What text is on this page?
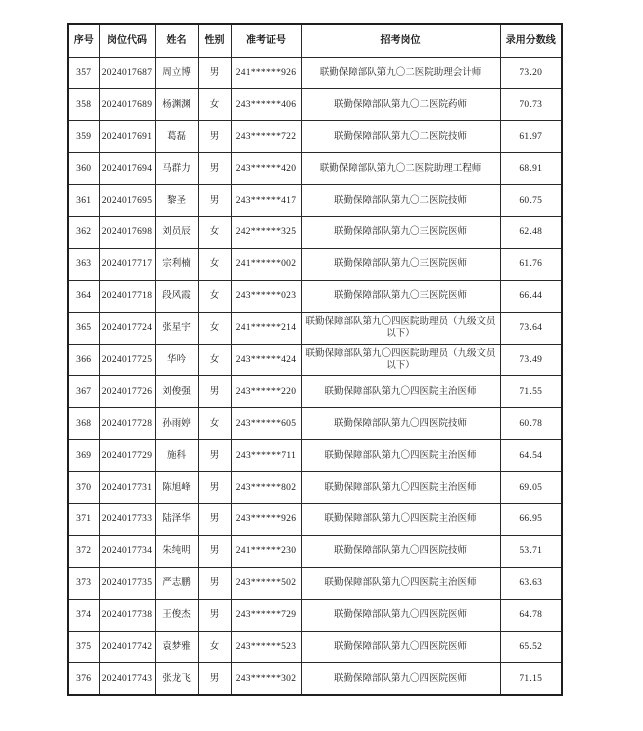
序号	岗位代码	姓名	性别	准考证号	招考岗位	录用分数线
357	2024017687	周立博	男	241******926	联勤保障部队第九〇二医院助理会计师	73.20
358	2024017689	杨渊渊	女	243******406	联勤保障部队第九〇二医院药师	70.73
359	2024017691	葛磊	男	243******722	联勤保障部队第九〇二医院技师	61.97
360	2024017694	马群力	男	243******420	联勤保障部队第九〇二医院助理工程师	68.91
361	2024017695	黎圣	男	243******417	联勤保障部队第九〇二医院技师	60.75
362	2024017698	刘员辰	女	242******325	联勤保障部队第九〇三医院医师	62.48
363	2024017717	宗利楠	女	241******002	联勤保障部队第九〇三医院医师	61.76
364	2024017718	段风霞	女	243******023	联勤保障部队第九〇三医院医师	66.44
365	2024017724	张星宇	女	241******214	联勤保障部队第九〇四医院助理员（九级文员以下）	73.64
366	2024017725	华吟	女	243******424	联勤保障部队第九〇四医院助理员（九级文员以下）	73.49
367	2024017726	刘俊强	男	243******220	联勤保障部队第九〇四医院主治医师	71.55
368	2024017728	孙雨婷	女	243******605	联勤保障部队第九〇四医院技师	60.78
369	2024017729	施科	男	243******711	联勤保障部队第九〇四医院主治医师	64.54
370	2024017731	陈旭峰	男	243******802	联勤保障部队第九〇四医院主治医师	69.05
371	2024017733	陆泽华	男	243******926	联勤保障部队第九〇四医院主治医师	66.95
372	2024017734	朱纯明	男	241******230	联勤保障部队第九〇四医院技师	53.71
373	2024017735	严志鹏	男	243******502	联勤保障部队第九〇四医院主治医师	63.63
374	2024017738	王俊杰	男	243******729	联勤保障部队第九〇四医院医师	64.78
375	2024017742	袁梦雅	女	243******523	联勤保障部队第九〇四医院医师	65.52
376	2024017743	张龙飞	男	243******302	联勤保障部队第九〇四医院医师	71.15
